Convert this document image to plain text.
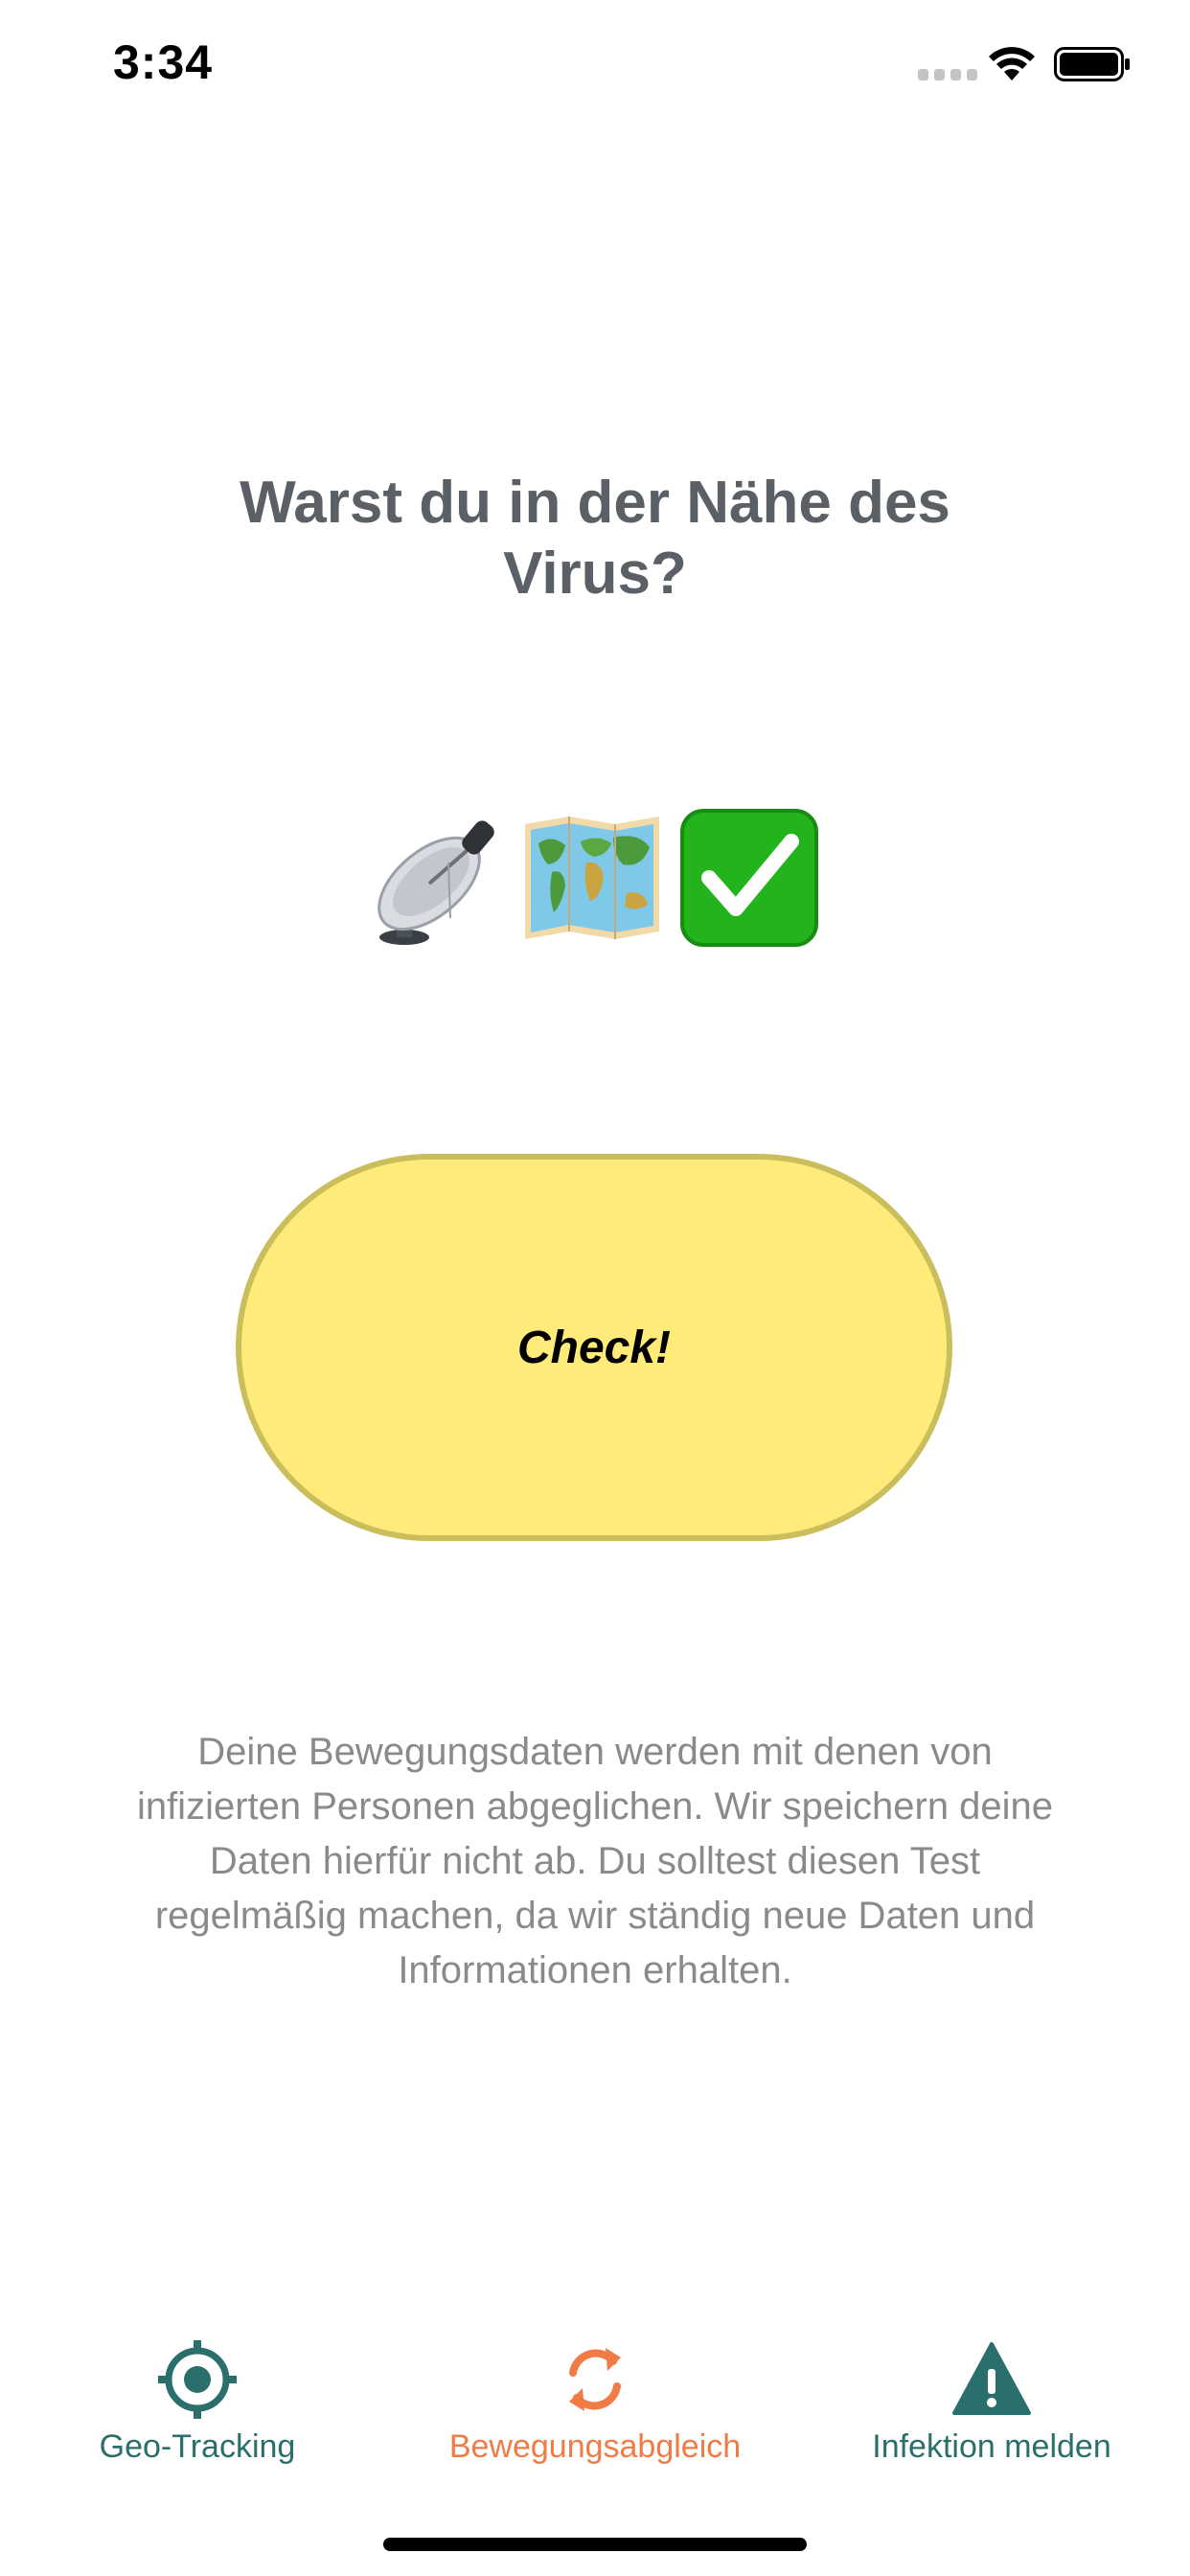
3:34
Warst du in der Nähe des Virus?
Check!
Deine Bewegungsdaten werden mit denen von infizierten Personen abgeglichen. Wir speichern deine Daten hierfür nicht ab. Du solltest diesen Test regelmäßig machen, da wir ständig neue Daten und Informationen erhalten.
Geo-Tracking	Bewegungsabgleich	Infektion melden
